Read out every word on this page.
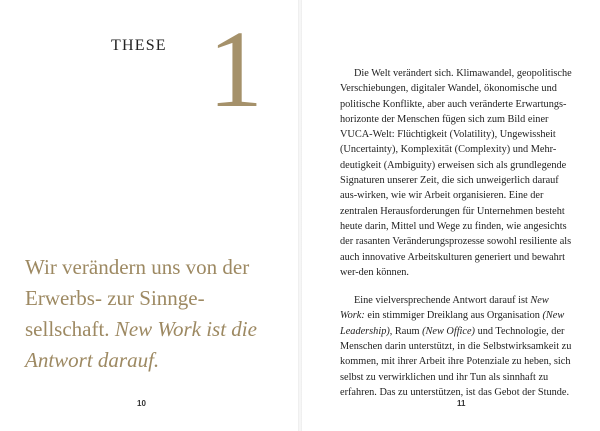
THESE 1
Wir verändern uns von der Erwerbs- zur Sinnge-sellschaft. New Work ist die Antwort darauf.
10

Die Welt verändert sich. Klimawandel, geopolitische Verschiebungen, digitaler Wandel, ökonomische und politische Konflikte, aber auch veränderte Erwartungs-horizonte der Menschen fügen sich zum Bild einer VUCA-Welt: Flüchtigkeit (Volatility), Ungewissheit (Uncertainty), Komplexität (Complexity) und Mehr-deutigkeit (Ambiguity) erweisen sich als grundlegende Signaturen unserer Zeit, die sich unweigerlich darauf aus-wirken, wie wir Arbeit organisieren. Eine der zentralen Herausforderungen für Unternehmen besteht heute darin, Mittel und Wege zu finden, wie angesichts der rasanten Veränderungsprozesse sowohl resiliente als auch innovative Arbeitskulturen generiert und bewahrt wer-den können.

Eine vielversprechende Antwort darauf ist New Work: ein stimmiger Dreiklang aus Organisation (New Leadership), Raum (New Office) und Technologie, der Menschen darin unterstützt, in die Selbstwirksamkeit zu kommen, mit ihrer Arbeit ihre Potenziale zu heben, sich selbst zu verwirklichen und ihr Tun als sinnhaft zu erfahren. Das zu unterstützen, ist das Gebot der Stunde.

11
